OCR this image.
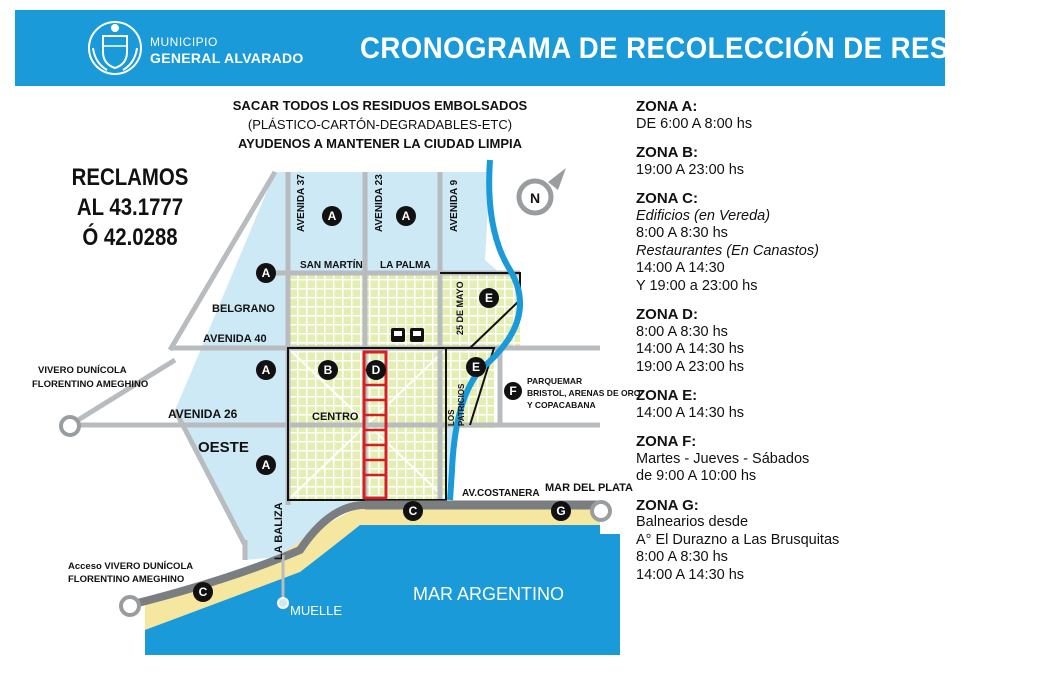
MUNICIPIO
GENERAL ALVARADO CRONOGRAMA DE RECOLECCIÓN DE RESIDUOS
N
A	A
A
A
A
B	D
E
E
F
C
C
G
AVENIDA 37	AVENIDA 23	AVENIDA 9
SAN MARTÍN LA PALMA
BELGRANO
AVENIDA 40
AVENIDA 26
OESTE
CENTRO
LA BALIZA
AV.COSTANERA MAR DEL PLATA
25 DE MAYO
LOS PATRICIOS
VIVERO DUNÍCOLA
FLORENTINO AMEGHINO
Acceso VIVERO DUNÍCOLA
FLORENTINO AMEGHINO
PARQUEMAR
BRISTOL, ARENAS DE ORO
Y COPACABANA
MUELLE
MAR ARGENTINO
SACAR TODOS LOS RESIDUOS EMBOLSADOS
(PLÁSTICO-CARTÓN-DEGRADABLES-ETC)
AYUDENOS A MANTENER LA CIUDAD LIMPIA
RECLAMOS
AL 43.1777
Ó 42.0288
ZONA A:
DE 6:00 A 8:00 hs
ZONA B:
19:00 A 23:00 hs
ZONA C:
Edificios (en Vereda)
8:00 A 8:30 hs
Restaurantes (En Canastos)
14:00 A 14:30
Y 19:00 a 23:00 hs
ZONA D:
8:00 A 8:30 hs
14:00 A 14:30 hs
19:00 A 23:00 hs
ZONA E:
14:00 A 14:30 hs
ZONA F:
Martes - Jueves - Sábados
de 9:00 A 10:00 hs
ZONA G:
Balnearios desde
A° El Durazno a Las Brusquitas
8:00 A 8:30 hs
14:00 A 14:30 hs
